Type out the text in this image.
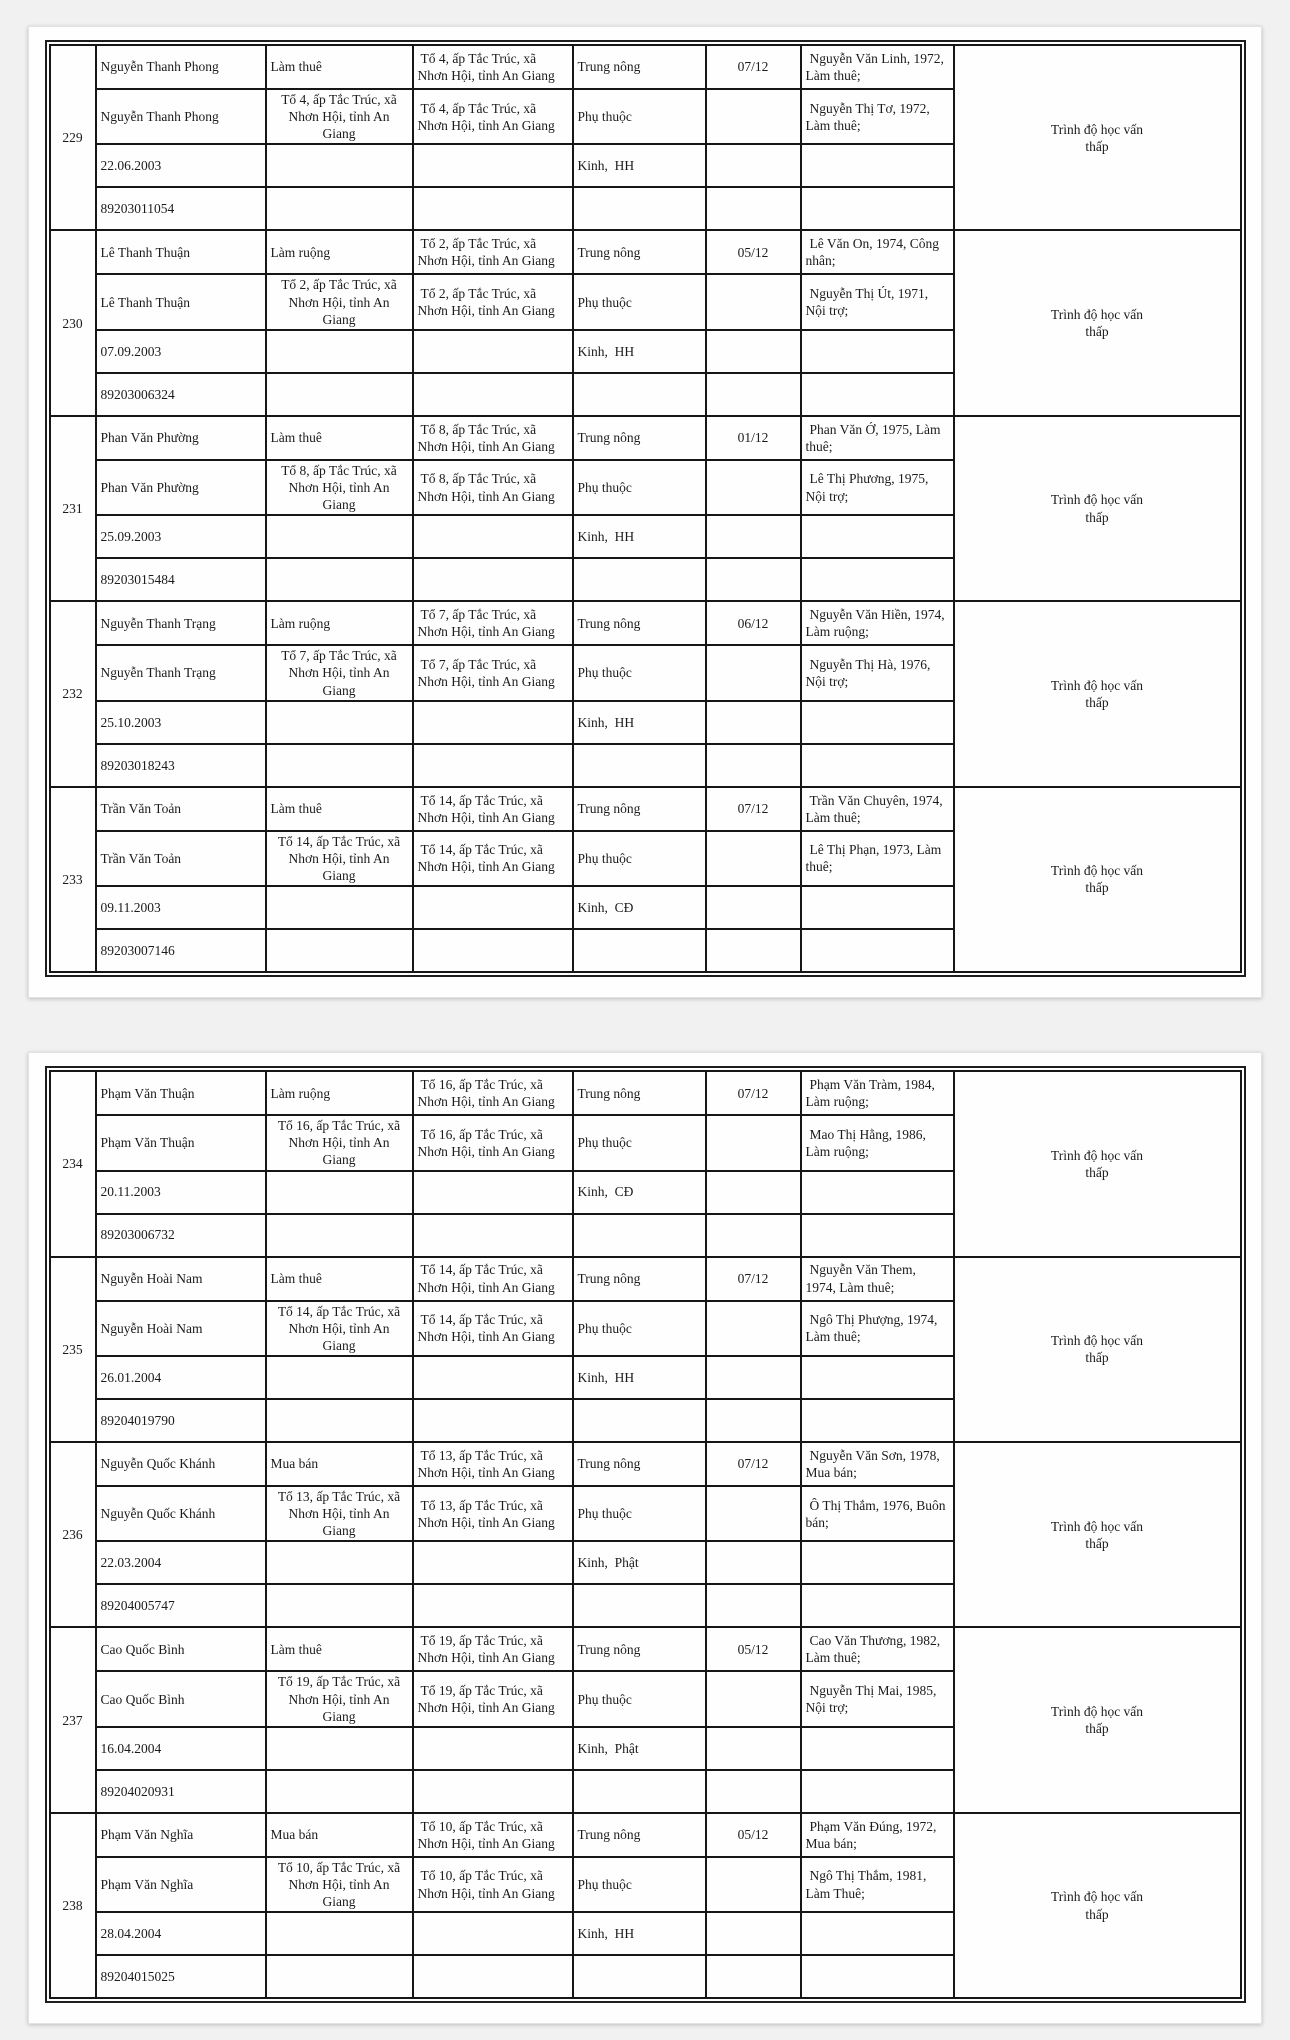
229	Nguyễn Thanh Phong	Làm thuê	Tổ 4, ấp Tắc Trúc, xã Nhơn Hội, tỉnh An Giang	Trung nông	07/12	Nguyễn Văn Linh, 1972, Làm thuê;	Trình độ học vấn thấp
	Nguyễn Thanh Phong	Tổ 4, ấp Tắc Trúc, xã Nhơn Hội, tỉnh An Giang	Tổ 4, ấp Tắc Trúc, xã Nhơn Hội, tỉnh An Giang	Phụ thuộc		Nguyễn Thị Tơ, 1972, Làm thuê;	
	22.06.2003			Kinh,  HH			
	89203011054						
230	Lê Thanh Thuận	Làm ruộng	Tổ 2, ấp Tắc Trúc, xã Nhơn Hội, tỉnh An Giang	Trung nông	05/12	Lê Văn On, 1974, Công nhân;	Trình độ học vấn thấp
	Lê Thanh Thuận	Tổ 2, ấp Tắc Trúc, xã Nhơn Hội, tỉnh An Giang	Tổ 2, ấp Tắc Trúc, xã Nhơn Hội, tỉnh An Giang	Phụ thuộc		Nguyễn Thị Út, 1971, Nội trợ;	
	07.09.2003			Kinh,  HH			
	89203006324						
231	Phan Văn Phường	Làm thuê	Tổ 8, ấp Tắc Trúc, xã Nhơn Hội, tỉnh An Giang	Trung nông	01/12	Phan Văn Ớ, 1975, Làm thuê;	Trình độ học vấn thấp
	Phan Văn Phường	Tổ 8, ấp Tắc Trúc, xã Nhơn Hội, tỉnh An Giang	Tổ 8, ấp Tắc Trúc, xã Nhơn Hội, tỉnh An Giang	Phụ thuộc		Lê Thị Phương, 1975, Nội trợ;	
	25.09.2003			Kinh,  HH			
	89203015484						
232	Nguyễn Thanh Trạng	Làm ruộng	Tổ 7, ấp Tắc Trúc, xã Nhơn Hội, tỉnh An Giang	Trung nông	06/12	Nguyễn Văn Hiền, 1974, Làm ruộng;	Trình độ học vấn thấp
	Nguyễn Thanh Trạng	Tổ 7, ấp Tắc Trúc, xã Nhơn Hội, tỉnh An Giang	Tổ 7, ấp Tắc Trúc, xã Nhơn Hội, tỉnh An Giang	Phụ thuộc		Nguyễn Thị Hà, 1976, Nội trợ;	
	25.10.2003			Kinh,  HH			
	89203018243						
233	Trần Văn Toản	Làm thuê	Tổ 14, ấp Tắc Trúc, xã Nhơn Hội, tỉnh An Giang	Trung nông	07/12	Trần Văn Chuyên, 1974, Làm thuê;	Trình độ học vấn thấp
	Trần Văn Toản	Tổ 14, ấp Tắc Trúc, xã Nhơn Hội, tỉnh An Giang	Tổ 14, ấp Tắc Trúc, xã Nhơn Hội, tỉnh An Giang	Phụ thuộc		Lê Thị Phạn, 1973, Làm thuê;	
	09.11.2003			Kinh,  CĐ			
	89203007146						
234	Phạm Văn Thuận	Làm ruộng	Tổ 16, ấp Tắc Trúc, xã Nhơn Hội, tỉnh An Giang	Trung nông	07/12	Phạm Văn Tràm, 1984, Làm ruộng;	Trình độ học vấn thấp
	Phạm Văn Thuận	Tổ 16, ấp Tắc Trúc, xã Nhơn Hội, tỉnh An Giang	Tổ 16, ấp Tắc Trúc, xã Nhơn Hội, tỉnh An Giang	Phụ thuộc		Mao Thị Hằng, 1986, Làm ruộng;	
	20.11.2003			Kinh,  CĐ			
	89203006732						
235	Nguyễn Hoài Nam	Làm thuê	Tổ 14, ấp Tắc Trúc, xã Nhơn Hội, tỉnh An Giang	Trung nông	07/12	Nguyễn Văn Them, 1974, Làm thuê;	Trình độ học vấn thấp
	Nguyễn Hoài Nam	Tổ 14, ấp Tắc Trúc, xã Nhơn Hội, tỉnh An Giang	Tổ 14, ấp Tắc Trúc, xã Nhơn Hội, tỉnh An Giang	Phụ thuộc		Ngô Thị Phượng, 1974, Làm thuê;	
	26.01.2004			Kinh,  HH			
	89204019790						
236	Nguyễn Quốc Khánh	Mua bán	Tổ 13, ấp Tắc Trúc, xã Nhơn Hội, tỉnh An Giang	Trung nông	07/12	Nguyễn Văn Sơn, 1978, Mua bán;	Trình độ học vấn thấp
	Nguyễn Quốc Khánh	Tổ 13, ấp Tắc Trúc, xã Nhơn Hội, tỉnh An Giang	Tổ 13, ấp Tắc Trúc, xã Nhơn Hội, tỉnh An Giang	Phụ thuộc		Ô Thị Thắm, 1976, Buôn bán;	
	22.03.2004			Kinh,  Phật			
	89204005747						
237	Cao Quốc Bình	Làm thuê	Tổ 19, ấp Tắc Trúc, xã Nhơn Hội, tỉnh An Giang	Trung nông	05/12	Cao Văn Thương, 1982, Làm thuê;	Trình độ học vấn thấp
	Cao Quốc Bình	Tổ 19, ấp Tắc Trúc, xã Nhơn Hội, tỉnh An Giang	Tổ 19, ấp Tắc Trúc, xã Nhơn Hội, tỉnh An Giang	Phụ thuộc		Nguyễn Thị Mai, 1985, Nội trợ;	
	16.04.2004			Kinh,  Phật			
	89204020931						
238	Phạm Văn Nghĩa	Mua bán	Tổ 10, ấp Tắc Trúc, xã Nhơn Hội, tỉnh An Giang	Trung nông	05/12	Phạm Văn Đúng, 1972, Mua bán;	Trình độ học vấn thấp
	Phạm Văn Nghĩa	Tổ 10, ấp Tắc Trúc, xã Nhơn Hội, tỉnh An Giang	Tổ 10, ấp Tắc Trúc, xã Nhơn Hội, tỉnh An Giang	Phụ thuộc		Ngô Thị Thắm, 1981, Làm Thuê;	
	28.04.2004			Kinh,  HH			
	89204015025						
